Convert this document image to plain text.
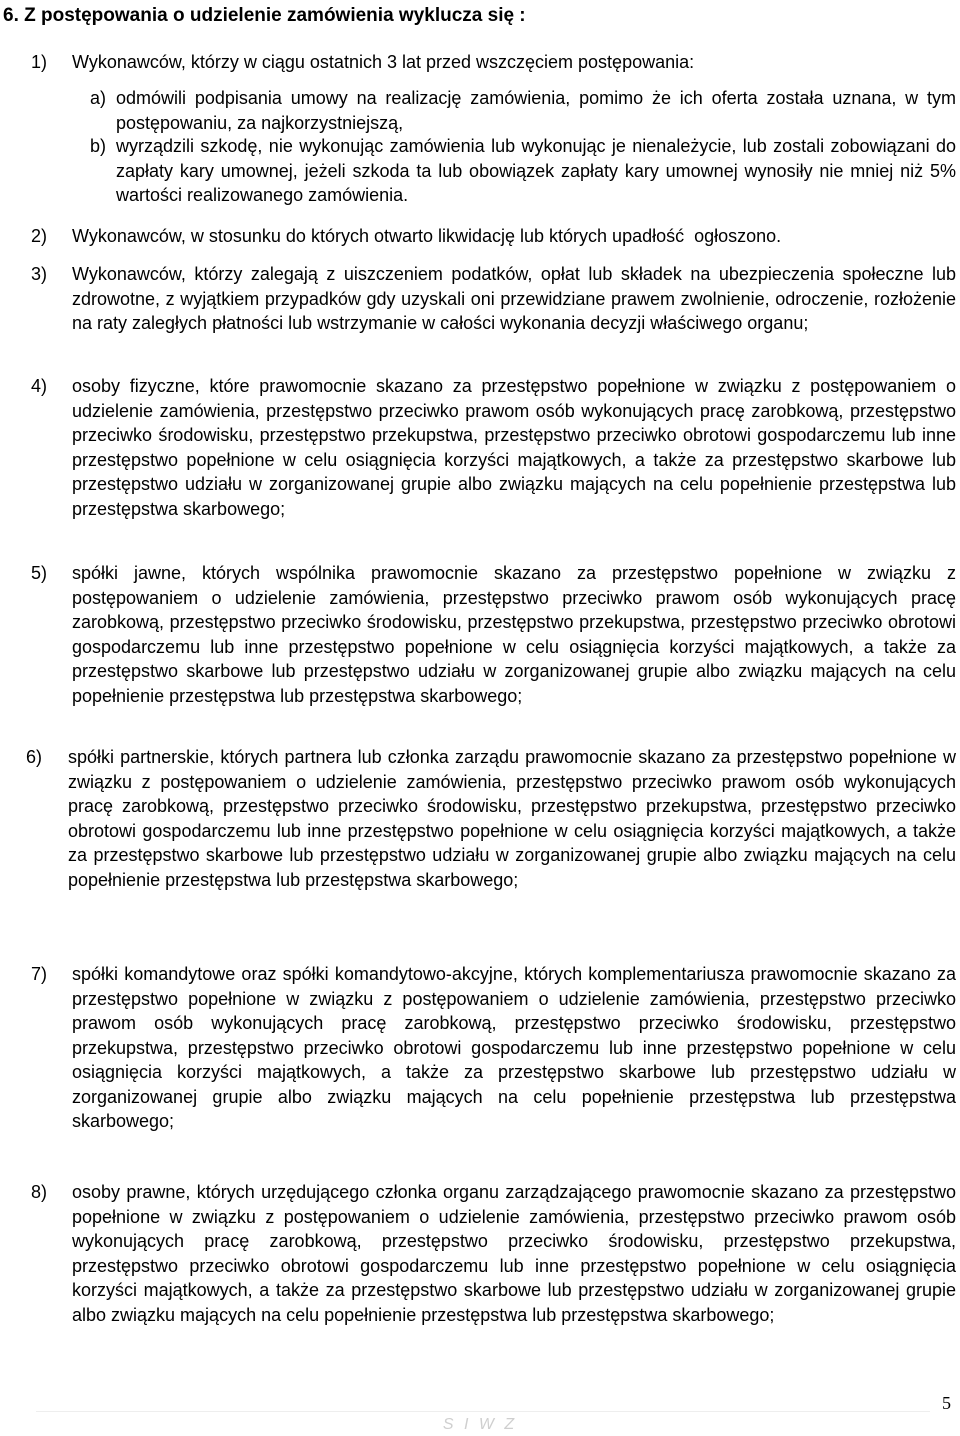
6. Z postępowania o udzielenie zamówienia wyklucza się :
1) Wykonawców, którzy w ciągu ostatnich 3 lat przed wszczęciem postępowania:
a) odmówili podpisania umowy na realizację zamówienia, pomimo że ich oferta została uznana, w tym postępowaniu, za najkorzystniejszą,
b) wyrządzili szkodę, nie wykonując zamówienia lub wykonując je nienależycie, lub zostali zobowiązani do zapłaty kary umownej, jeżeli szkoda ta lub obowiązek zapłaty kary umownej wynosiły nie mniej niż 5% wartości realizowanego zamówienia.
2) Wykonawców, w stosunku do których otwarto likwidację lub których upadłość  ogłoszono.
3) Wykonawców, którzy zalegają z uiszczeniem podatków, opłat lub składek na ubezpieczenia społeczne lub zdrowotne, z wyjątkiem przypadków gdy uzyskali oni przewidziane prawem zwolnienie, odroczenie, rozłożenie na raty zaległych płatności lub wstrzymanie w całości wykonania decyzji właściwego organu;
4) osoby fizyczne, które prawomocnie skazano za przestępstwo popełnione w związku z postępowaniem o udzielenie zamówienia, przestępstwo przeciwko prawom osób wykonujących pracę zarobkową, przestępstwo przeciwko środowisku, przestępstwo przekupstwa, przestępstwo przeciwko obrotowi gospodarczemu lub inne przestępstwo popełnione w celu osiągnięcia korzyści majątkowych, a także za przestępstwo skarbowe lub przestępstwo udziału w zorganizowanej grupie albo związku mających na celu popełnienie przestępstwa lub przestępstwa skarbowego;
5) spółki jawne, których wspólnika prawomocnie skazano za przestępstwo popełnione w związku z postępowaniem o udzielenie zamówienia, przestępstwo przeciwko prawom osób wykonujących pracę zarobkową, przestępstwo przeciwko środowisku, przestępstwo przekupstwa, przestępstwo przeciwko obrotowi gospodarczemu lub inne przestępstwo popełnione w celu osiągnięcia korzyści majątkowych, a także za przestępstwo skarbowe lub przestępstwo udziału w zorganizowanej grupie albo związku mających na celu popełnienie przestępstwa lub przestępstwa skarbowego;
6) spółki partnerskie, których partnera lub członka zarządu prawomocnie skazano za przestępstwo popełnione w związku z postępowaniem o udzielenie zamówienia, przestępstwo przeciwko prawom osób wykonujących pracę zarobkową, przestępstwo przeciwko środowisku, przestępstwo przekupstwa, przestępstwo przeciwko obrotowi gospodarczemu lub inne przestępstwo popełnione w celu osiągnięcia korzyści majątkowych, a także za przestępstwo skarbowe lub przestępstwo udziału w zorganizowanej grupie albo związku mających na celu popełnienie przestępstwa lub przestępstwa skarbowego;
7) spółki komandytowe oraz spółki komandytowo-akcyjne, których komplementariusza prawomocnie skazano za przestępstwo popełnione w związku z postępowaniem o udzielenie zamówienia, przestępstwo przeciwko prawom osób wykonujących pracę zarobkową, przestępstwo przeciwko środowisku, przestępstwo przekupstwa, przestępstwo przeciwko obrotowi gospodarczemu lub inne przestępstwo popełnione w celu osiągnięcia korzyści majątkowych, a także za przestępstwo skarbowe lub przestępstwo udziału w zorganizowanej grupie albo związku mających na celu popełnienie przestępstwa lub przestępstwa skarbowego;
8) osoby prawne, których urzędującego członka organu zarządzającego prawomocnie skazano za przestępstwo popełnione w związku z postępowaniem o udzielenie zamówienia, przestępstwo przeciwko prawom osób wykonujących pracę zarobkową, przestępstwo przeciwko środowisku, przestępstwo przekupstwa, przestępstwo przeciwko obrotowi gospodarczemu lub inne przestępstwo popełnione w celu osiągnięcia korzyści majątkowych, a także za przestępstwo skarbowe lub przestępstwo udziału w zorganizowanej grupie albo związku mających na celu popełnienie przestępstwa lub przestępstwa skarbowego;
S I W Z
5
